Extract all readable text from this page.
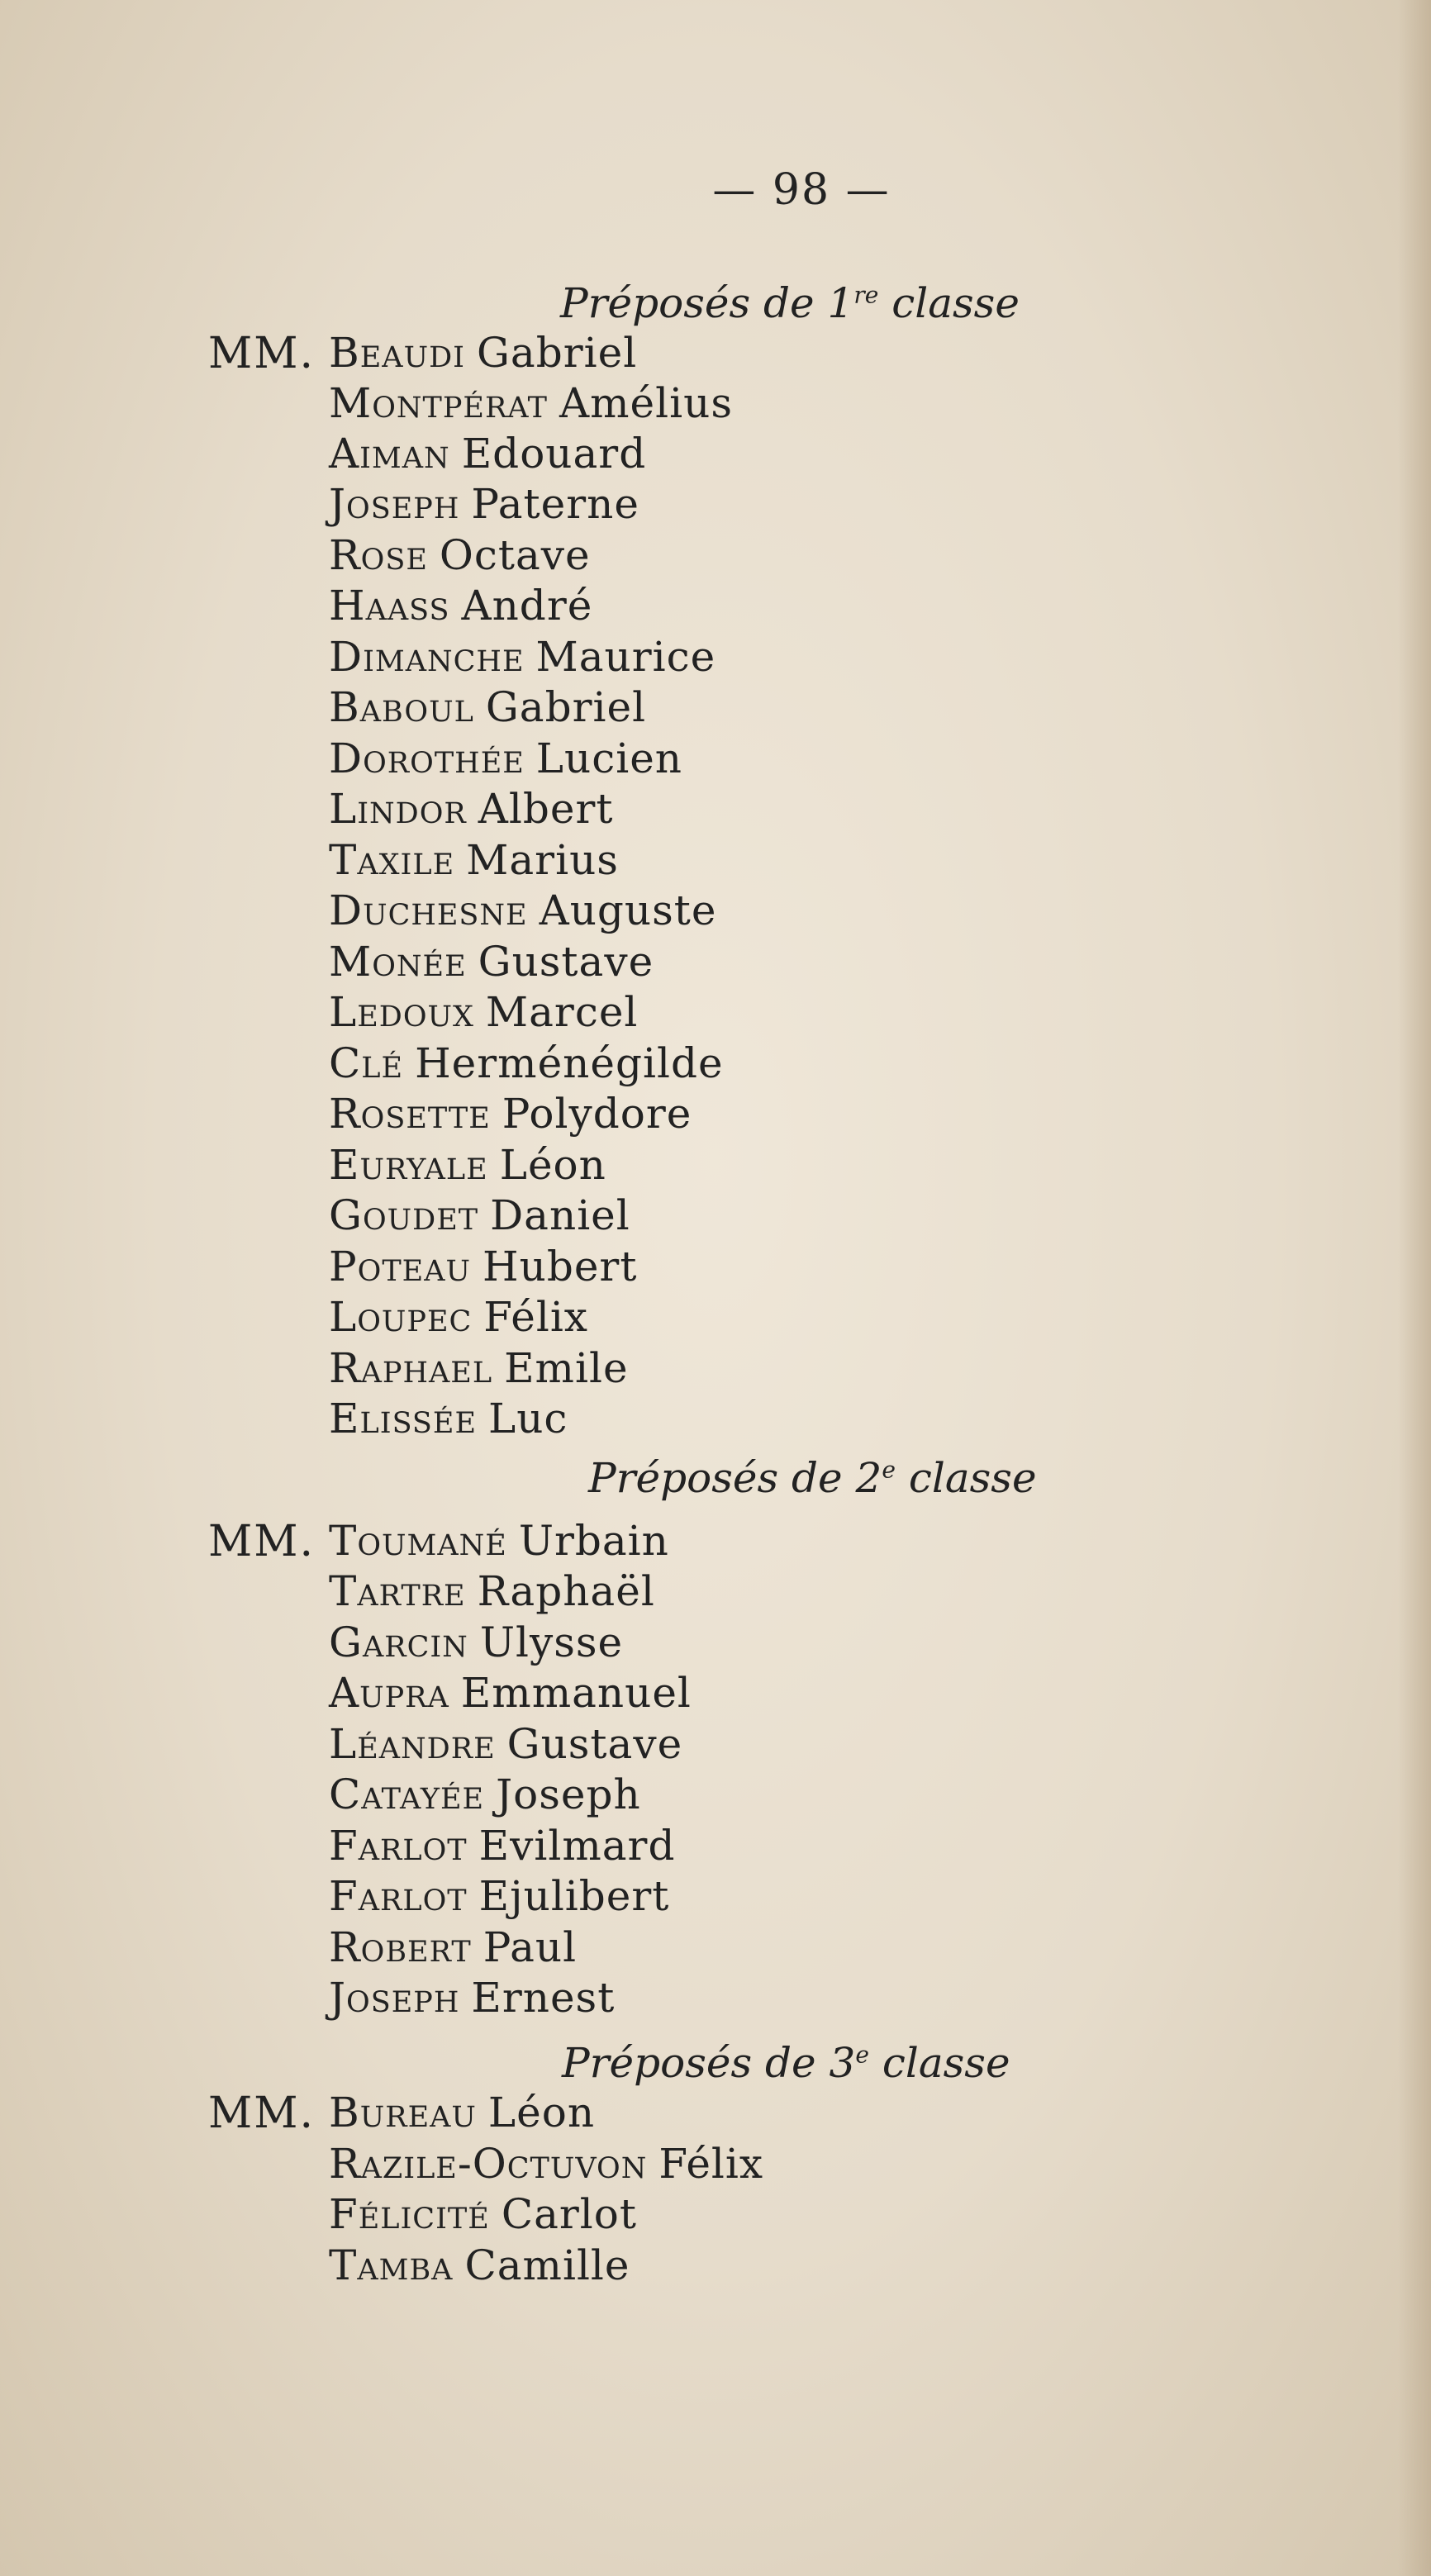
— 98 —
Préposés de 1re classe
MM. Beaudi Gabriel
Montpérat Amélius
Aiman Edouard
Joseph Paterne
Rose Octave
Haass André
Dimanche Maurice
Baboul Gabriel
Dorothée Lucien
Lindor Albert
Taxile Marius
Duchesne Auguste
Monée Gustave
Ledoux Marcel
Clé Herménégilde
Rosette Polydore
Euryale Léon
Goudet Daniel
Poteau Hubert
Loupec Félix
Raphael Emile
Elissée Luc
Préposés de 2e classe
MM. Toumané Urbain
Tartre Raphaël
Garcin Ulysse
Aupra Emmanuel
Léandre Gustave
Catayée Joseph
Farlot Evilmard
Farlot Ejulibert
Robert Paul
Joseph Ernest
Préposés de 3e classe
MM. Bureau Léon
Razile-Octuvon Félix
Félicité Carlot
Tamba Camille
